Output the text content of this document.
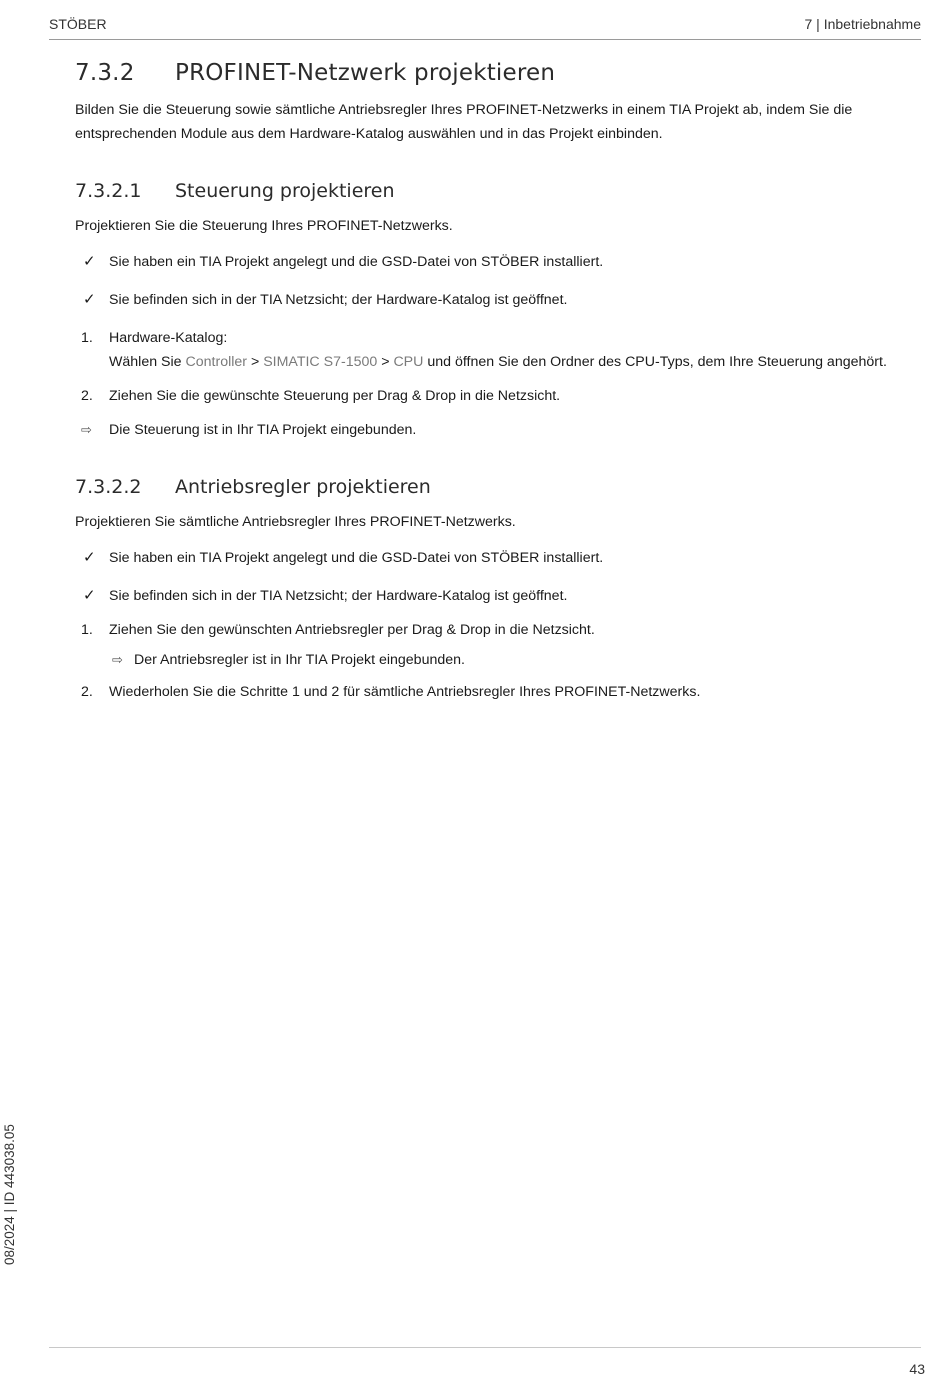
STÖBER	7 | Inbetriebnahme
7.3.2	PROFINET-Netzwerk projektieren

Bilden Sie die Steuerung sowie sämtliche Antriebsregler Ihres PROFINET-Netzwerks in einem TIA Projekt ab, indem Sie die entsprechenden Module aus dem Hardware-Katalog auswählen und in das Projekt einbinden.

7.3.2.1	Steuerung projektieren

Projektieren Sie die Steuerung Ihres PROFINET-Netzwerks.

✓ Sie haben ein TIA Projekt angelegt und die GSD-Datei von STÖBER installiert.
✓ Sie befinden sich in der TIA Netzsicht; der Hardware-Katalog ist geöffnet.
1.	Hardware-Katalog:
Wählen Sie Controller > SIMATIC S7-1500 > CPU und öffnen Sie den Ordner des CPU-Typs, dem Ihre Steuerung angehört.
2.	Ziehen Sie die gewünschte Steuerung per Drag & Drop in die Netzsicht.
⇨	Die Steuerung ist in Ihr TIA Projekt eingebunden.
7.3.2.2	Antriebsregler projektieren

Projektieren Sie sämtliche Antriebsregler Ihres PROFINET-Netzwerks.

✓ Sie haben ein TIA Projekt angelegt und die GSD-Datei von STÖBER installiert.
✓ Sie befinden sich in der TIA Netzsicht; der Hardware-Katalog ist geöffnet.
1.	Ziehen Sie den gewünschten Antriebsregler per Drag & Drop in die Netzsicht.
⇨ Der Antriebsregler ist in Ihr TIA Projekt eingebunden.
2.	Wiederholen Sie die Schritte 1 und 2 für sämtliche Antriebsregler Ihres PROFINET-Netzwerks.
08/2024 | ID 443038.05
43
